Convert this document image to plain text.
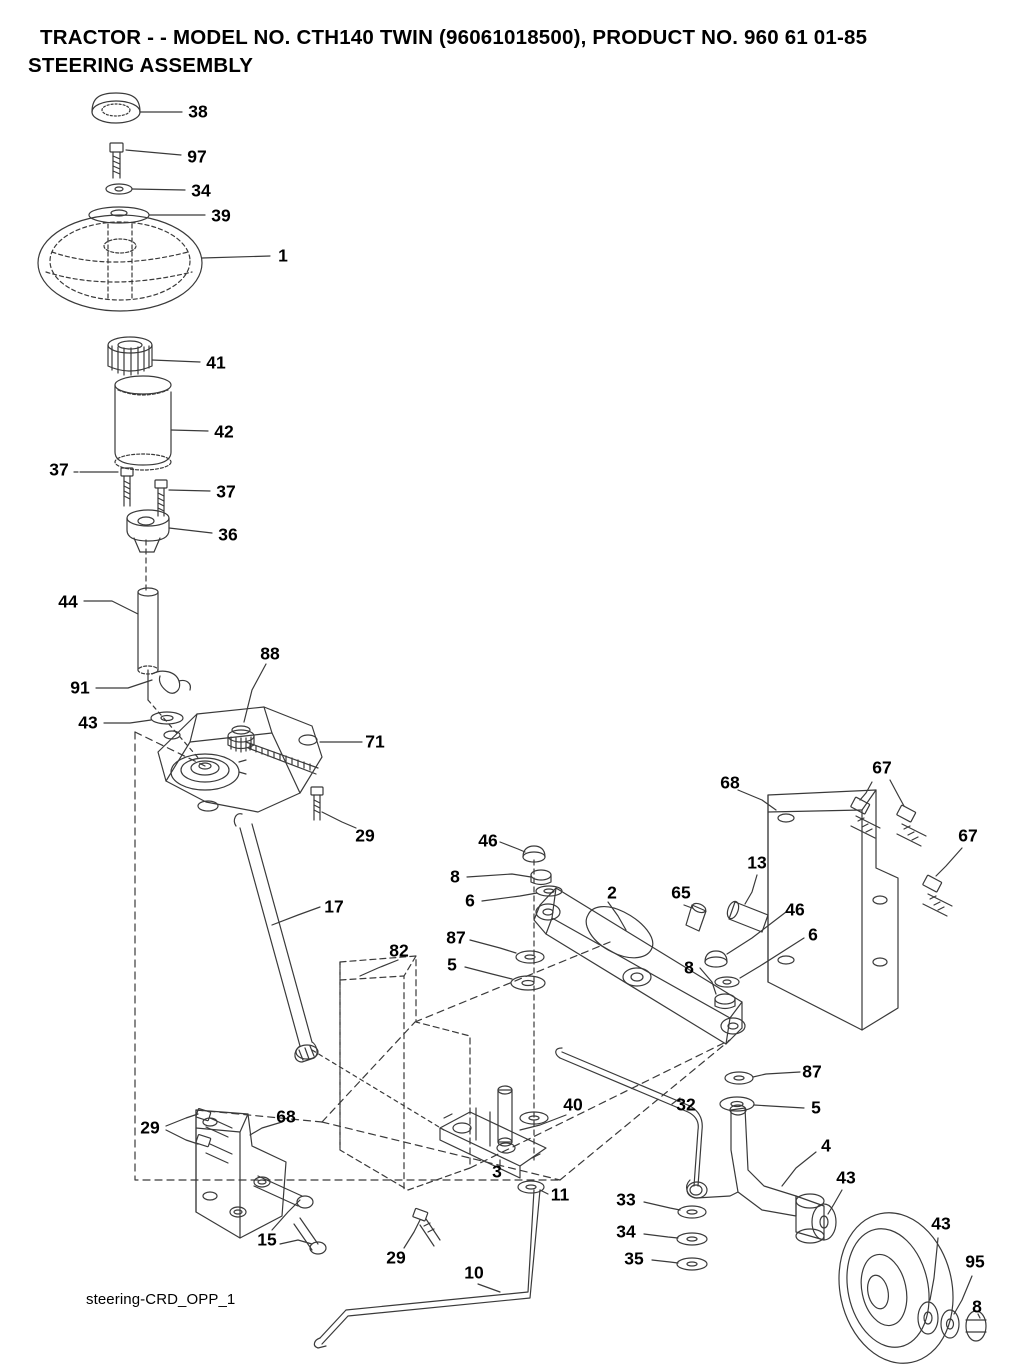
TRACTOR - - MODEL NO. CTH140 TWIN (96061018500), PRODUCT NO. 960 61 01-85
STEERING ASSEMBLY
steering-CRD_OPP_1
38
97
34
39
1
41
42
37
37
36
44
88
91
43
71
29
68
67
67
46
8
6	2
13
65
46
6
8
17
87
5
82
87
5
68
29
40	32
4
3
11
15
29
10
33
34
35
43
43
95
8
